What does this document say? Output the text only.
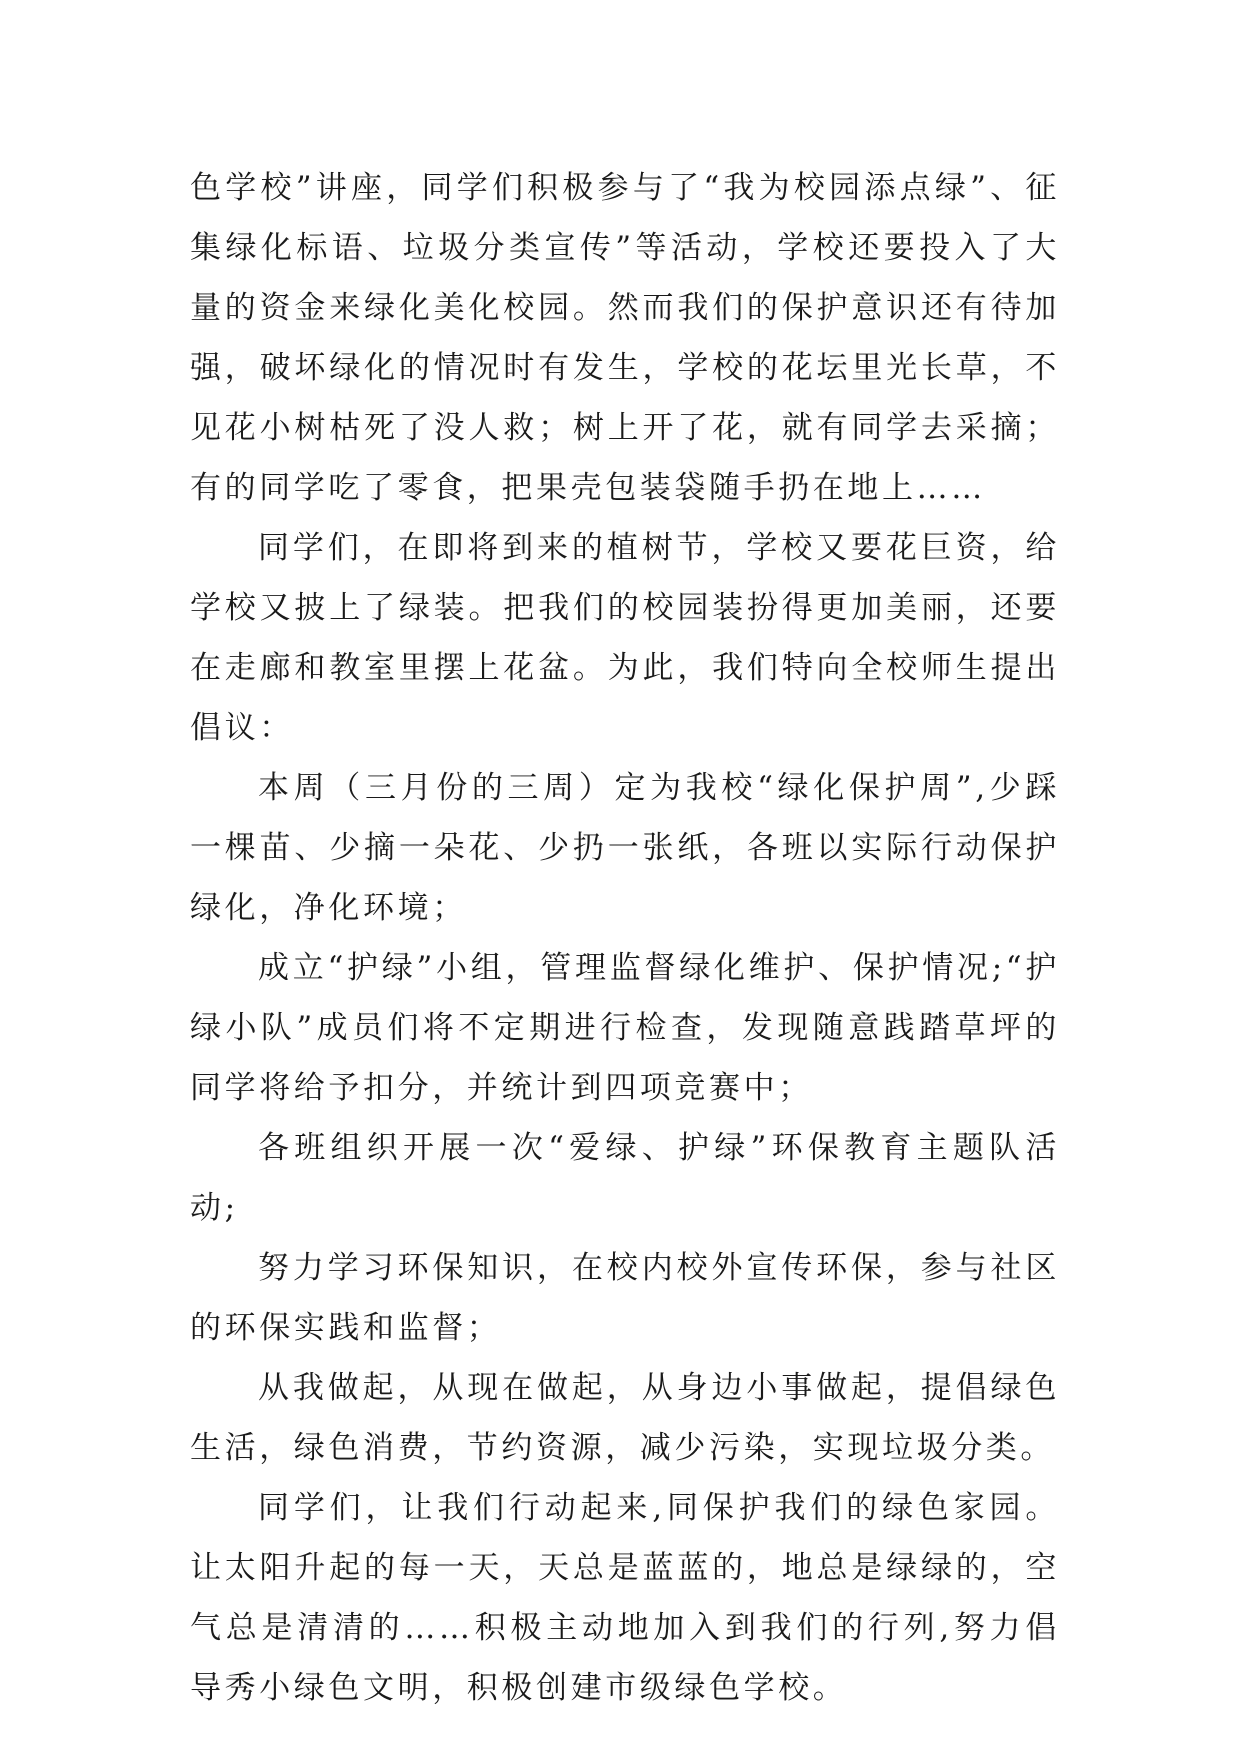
色学校”讲座，同学们积极参与了“我为校园添点绿”、征集绿化标语、垃圾分类宣传”等活动，学校还要投入了大量的资金来绿化美化校园。然而我们的保护意识还有待加强，破坏绿化的情况时有发生，学校的花坛里光长草，不见花小树枯死了没人救；树上开了花，就有同学去采摘；有的同学吃了零食，把果壳包装袋随手扔在地上……

同学们，在即将到来的植树节，学校又要花巨资，给学校又披上了绿装。把我们的校园装扮得更加美丽，还要在走廊和教室里摆上花盆。为此，我们特向全校师生提出倡议：

本周（三月份的三周）定为我校“绿化保护周”,少踩一棵苗、少摘一朵花、少扔一张纸，各班以实际行动保护绿化，净化环境；

成立“护绿”小组，管理监督绿化维护、保护情况;“护绿小队”成员们将不定期进行检查，发现随意践踏草坪的同学将给予扣分，并统计到四项竞赛中；

各班组织开展一次“爱绿、护绿”环保教育主题队活动;

努力学习环保知识，在校内校外宣传环保，参与社区的环保实践和监督；

从我做起，从现在做起，从身边小事做起，提倡绿色生活，绿色消费，节约资源，减少污染，实现垃圾分类。

同学们，让我们行动起来,同保护我们的绿色家园。让太阳升起的每一天，天总是蓝蓝的，地总是绿绿的，空气总是清清的……积极主动地加入到我们的行列,努力倡导秀小绿色文明，积极创建市级绿色学校。
